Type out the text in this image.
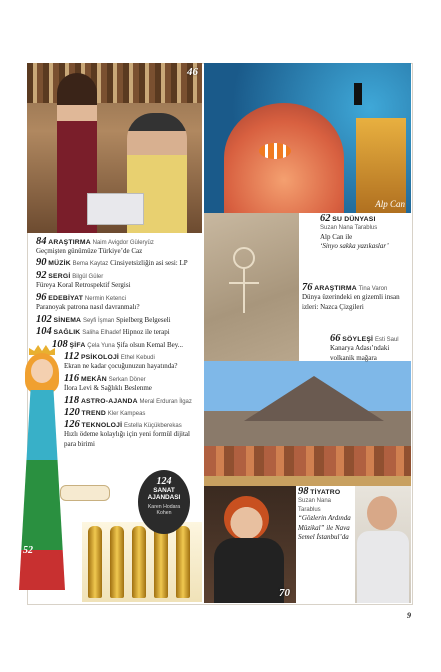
46
Alp Can
70
62 SU DÜNYASI
Suzan Nana Tarablus
Alp Can ile
‘Sinyo sakka yazıkaslar’
76 ARAŞTIRMA Tina Varon
Dünya üzerindeki en gizemli insan izleri: Nazca Çizgileri
66 SÖYLEŞİ Esti Saul
Kanarya Adası’ndaki volkanik mağara
98 TİYATRO
Suzan Nana Tarablus
“Gözlerin Ardında Müzikal” ile Nava Semel İstanbul’da
84 ARAŞTIRMA Naim Avigdor Güleryüz
Geçmişten günümüze Türkiye’de Caz
90 MÜZİK Bema Kaytaz Cinsiyetsizliğin asi sesi: LP
92 SERGİ Bilgül Güler
Füreya Koral Retrospektif Sergisi
96 EDEBİYAT Nermin Ketenci
Paranoyak patrona nasıl davranmalı?
102 SİNEMA Seyfi İşman Spielberg Belgeseli
104 SAĞLIK Saliha Elhadef Hipnoz ile terapi
108 ŞİFA Çela Yuna Şifa olsun Kemal Bey...
112 PSİKOLOJİ Ethel Kebudi
Ekran ne kadar çocuğunuzun hayatında?
116 MEKÂN Serkan Döner
İlora Levi & Sağlıklı Beslenme
118 ASTRO-AJANDA Meral Erduran İlgaz
120 TREND Kler Kampeas
126 TEKNOLOJİ Estella Küçükberekas
Hızlı ödeme kolaylığı için yeni formül dijital para birimi
52
124
SANAT
AJANDASI
Karen Hodara
Kohen
9
